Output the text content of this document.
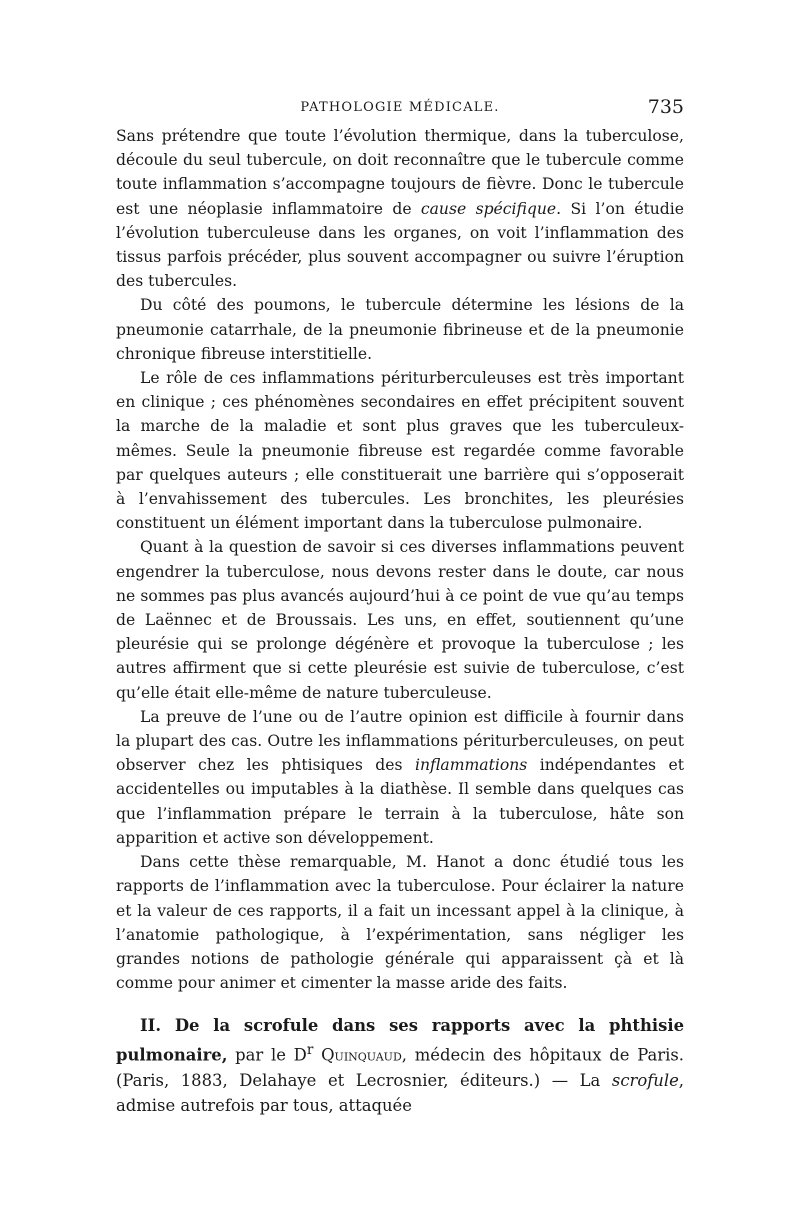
PATHOLOGIE MÉDICALE.	735

Sans prétendre que toute l’évolution thermique, dans la tuberculose, découle du seul tubercule, on doit reconnaître que le tubercule comme toute inflammation s’accompagne toujours de fièvre. Donc le tubercule est une néoplasie inflammatoire de cause spécifique. Si l’on étudie l’évolution tuberculeuse dans les organes, on voit l’inflammation des tissus parfois précéder, plus souvent accompagner ou suivre l’éruption des tubercules.

Du côté des poumons, le tubercule détermine les lésions de la pneumonie catarrhale, de la pneumonie fibrineuse et de la pneumonie chronique fibreuse interstitielle.

Le rôle de ces inflammations périturberculeuses est très important en clinique ; ces phénomènes secondaires en effet précipitent souvent la marche de la maladie et sont plus graves que les tuberculeux-mêmes. Seule la pneumonie fibreuse est regardée comme favorable par quelques auteurs ; elle constituerait une barrière qui s’opposerait à l’envahissement des tubercules. Les bronchites, les pleurésies constituent un élément important dans la tuberculose pulmonaire.

Quant à la question de savoir si ces diverses inflammations peuvent engendrer la tuberculose, nous devons rester dans le doute, car nous ne sommes pas plus avancés aujourd’hui à ce point de vue qu’au temps de Laënnec et de Broussais. Les uns, en effet, soutiennent qu’une pleurésie qui se prolonge dégénère et provoque la tuberculose ; les autres affirment que si cette pleurésie est suivie de tuberculose, c’est qu’elle était elle-même de nature tuberculeuse.

La preuve de l’une ou de l’autre opinion est difficile à fournir dans la plupart des cas. Outre les inflammations périturberculeuses, on peut observer chez les phtisiques des inflammations indépendantes et accidentelles ou imputables à la diathèse. Il semble dans quelques cas que l’inflammation prépare le terrain à la tuberculose, hâte son apparition et active son développement.

Dans cette thèse remarquable, M. Hanot a donc étudié tous les rapports de l’inflammation avec la tuberculose. Pour éclairer la nature et la valeur de ces rapports, il a fait un incessant appel à la clinique, à l’anatomie pathologique, à l’expérimentation, sans négliger les grandes notions de pathologie générale qui apparaissent çà et là comme pour animer et cimenter la masse aride des faits.

II. De la scrofule dans ses rapports avec la phthisie pulmonaire, par le $D^r$ Quinquaud, médecin des hôpitaux de Paris. (Paris, 1883, Delahaye et Lecrosnier, éditeurs.) — La scrofule, admise autrefois par tous, attaquée
